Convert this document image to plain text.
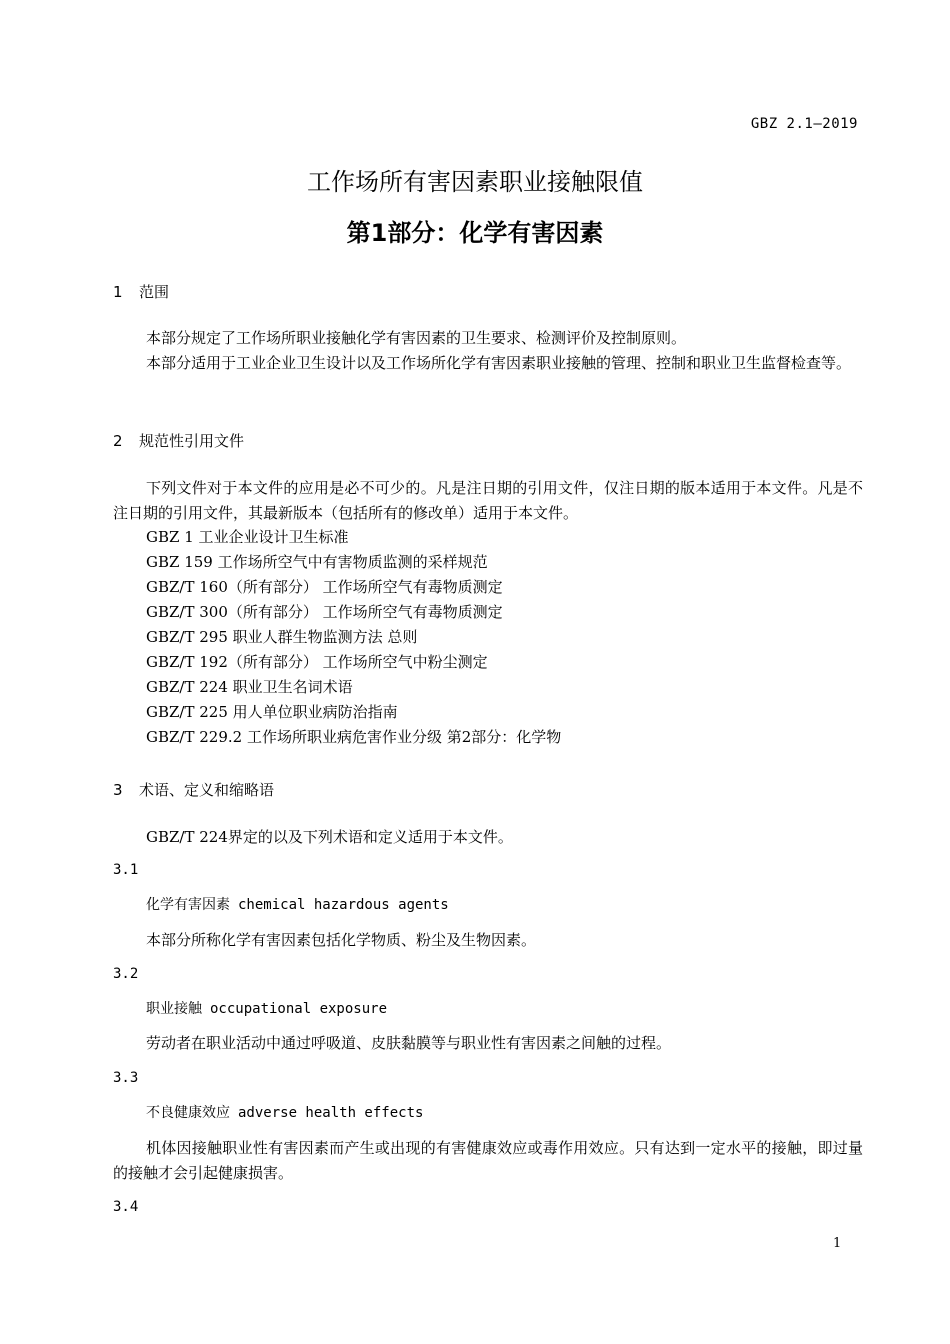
GBZ 2.1—2019
工作场所有害因素职业接触限值
第1部分：化学有害因素
1 范围
本部分规定了工作场所职业接触化学有害因素的卫生要求、检测评价及控制原则。
本部分适用于工业企业卫生设计以及工作场所化学有害因素职业接触的管理、控制和职业卫生监督检查等。
2 规范性引用文件
下列文件对于本文件的应用是必不可少的。凡是注日期的引用文件，仅注日期的版本适用于本文件。凡是不注日期的引用文件，其最新版本（包括所有的修改单）适用于本文件。
GBZ 1 工业企业设计卫生标准
GBZ 159 工作场所空气中有害物质监测的采样规范
GBZ/T 160（所有部分） 工作场所空气有毒物质测定
GBZ/T 300（所有部分） 工作场所空气有毒物质测定
GBZ/T 295 职业人群生物监测方法 总则
GBZ/T 192（所有部分） 工作场所空气中粉尘测定
GBZ/T 224 职业卫生名词术语
GBZ/T 225 用人单位职业病防治指南
GBZ/T 229.2 工作场所职业病危害作业分级 第2部分：化学物
3 术语、定义和缩略语
GBZ/T 224界定的以及下列术语和定义适用于本文件。
3.1
化学有害因素 chemical hazardous agents
本部分所称化学有害因素包括化学物质、粉尘及生物因素。
3.2
职业接触 occupational exposure
劳动者在职业活动中通过呼吸道、皮肤黏膜等与职业性有害因素之间触的过程。
3.3
不良健康效应 adverse health effects
机体因接触职业性有害因素而产生或出现的有害健康效应或毒作用效应。只有达到一定水平的接触，即过量的接触才会引起健康损害。
3.4
1
